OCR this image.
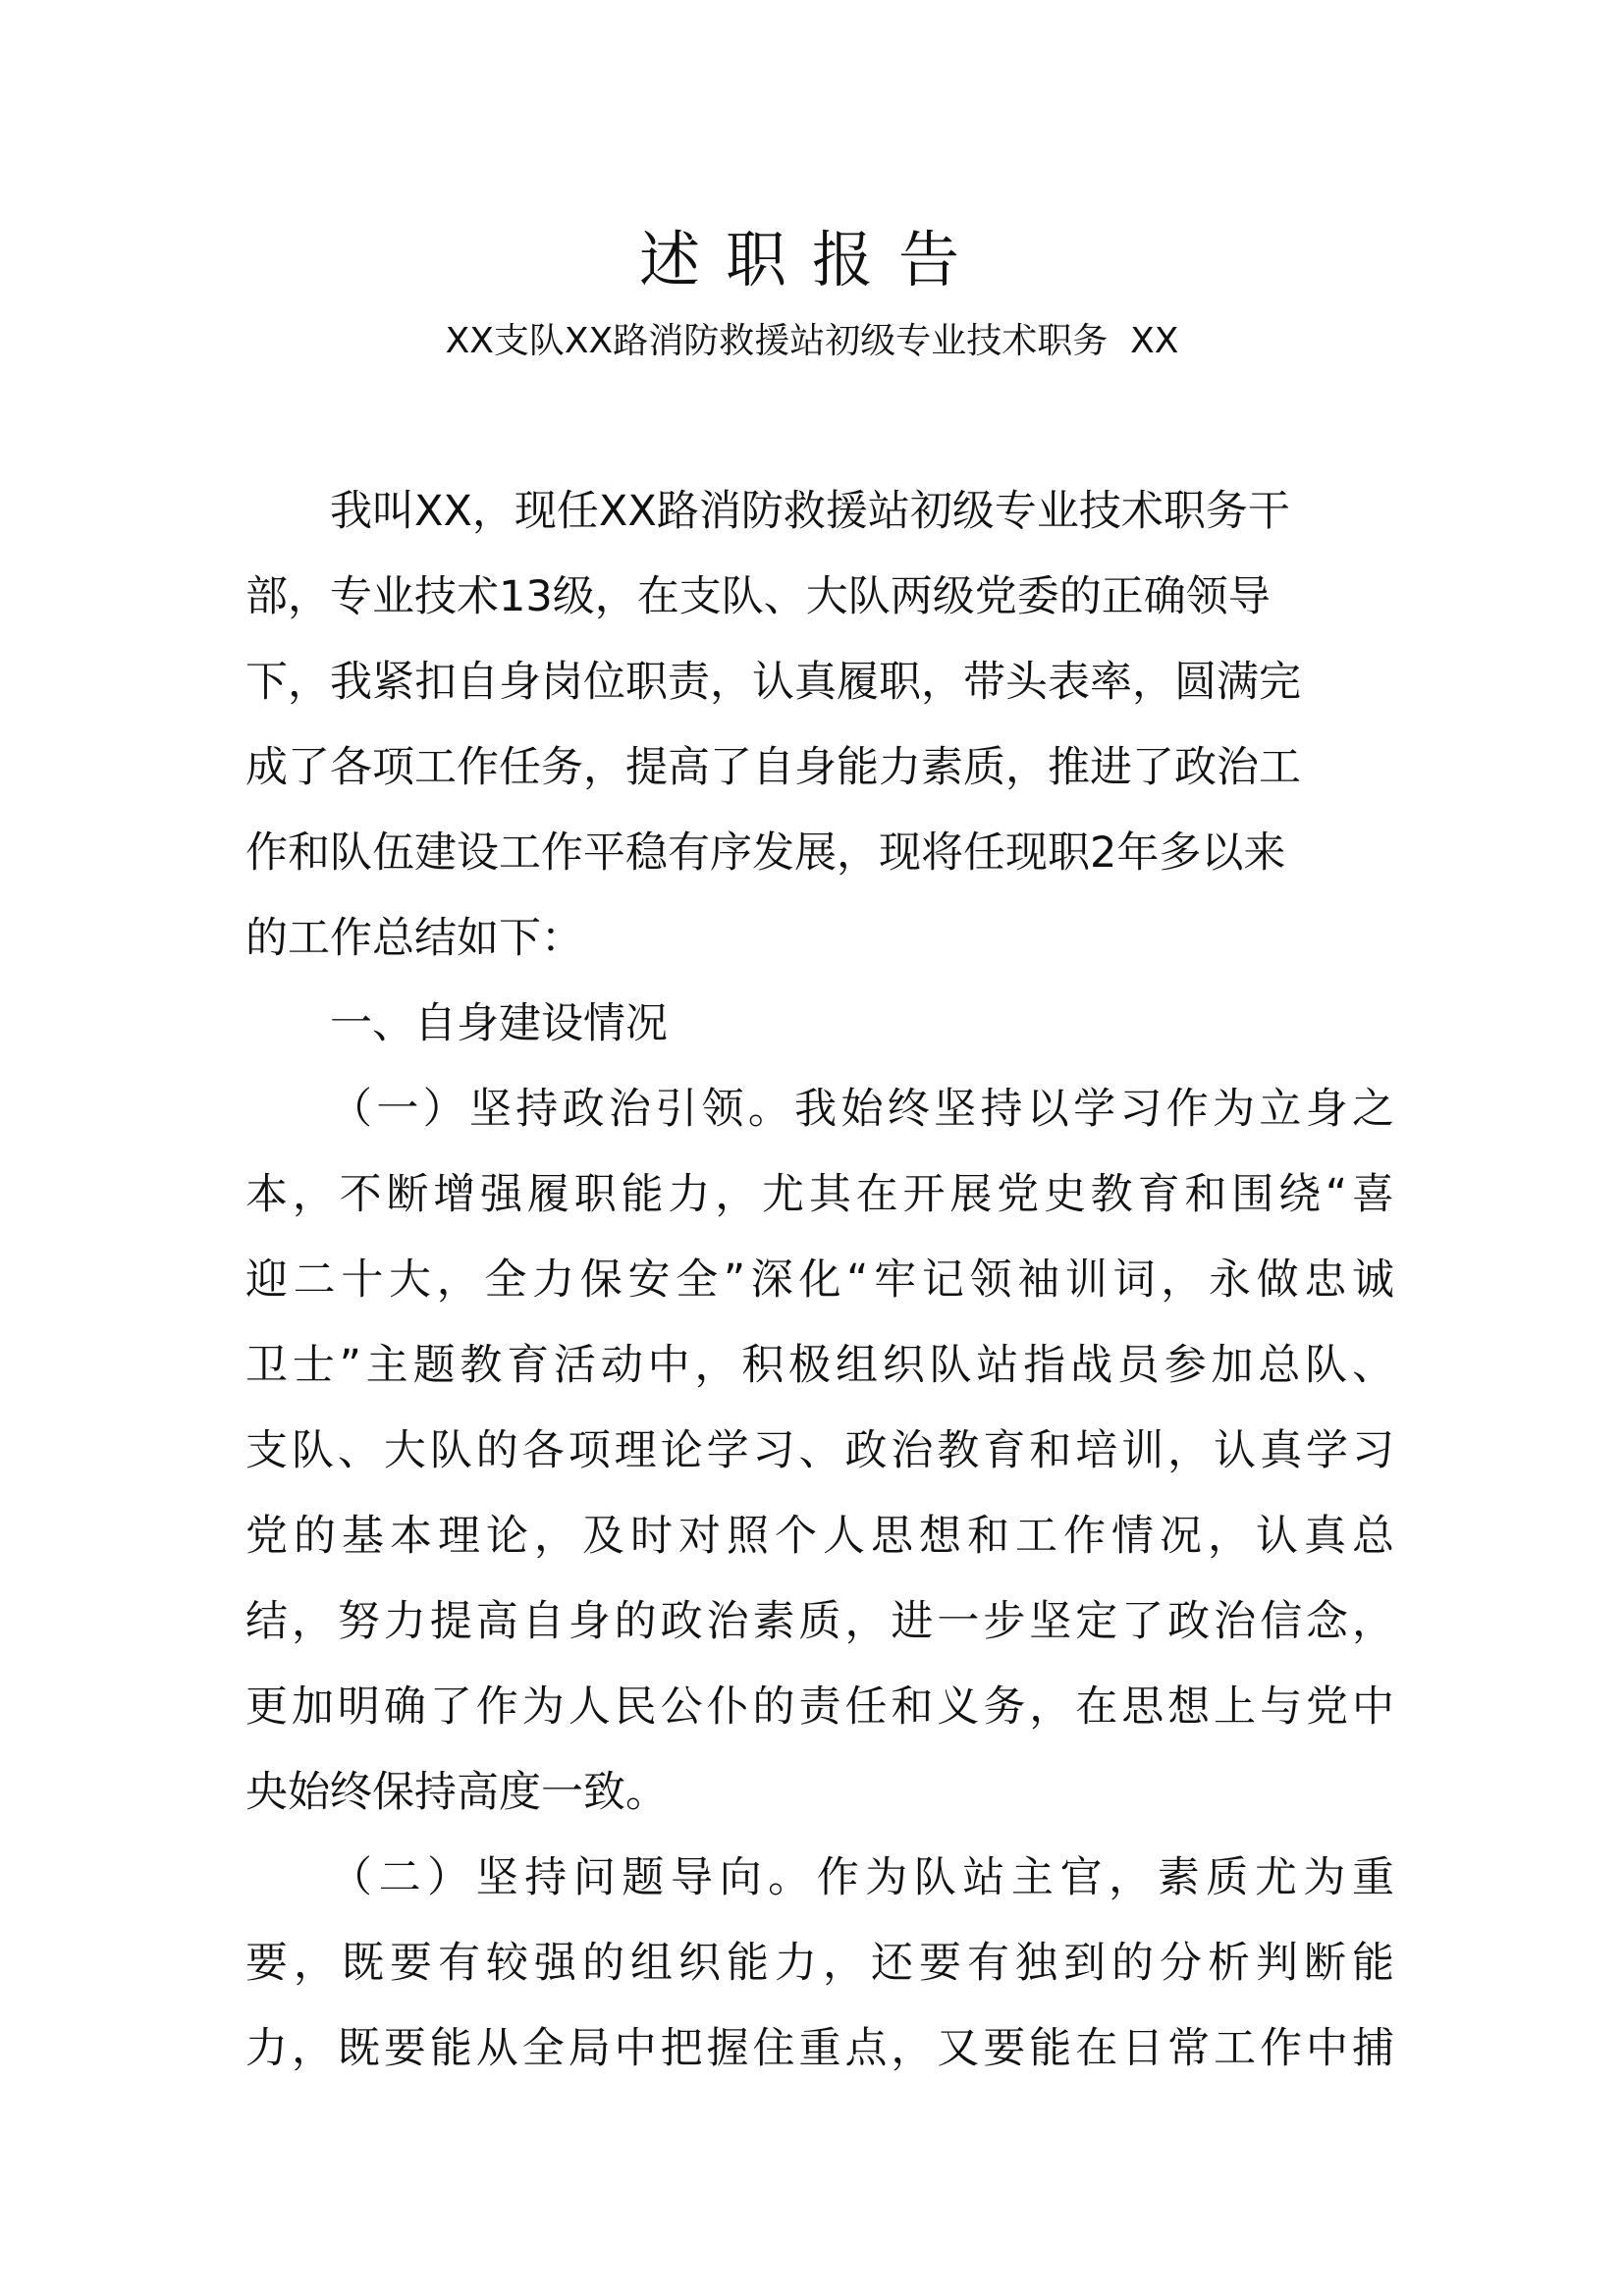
述职报告
XX支队XX路消防救援站初级专业技术职务  XX
我叫XX，现任XX路消防救援站初级专业技术职务干
部，专业技术13级，在支队、大队两级党委的正确领导
下，我紧扣自身岗位职责，认真履职，带头表率，圆满完
成了各项工作任务，提高了自身能力素质，推进了政治工
作和队伍建设工作平稳有序发展，现将任现职2年多以来
的工作总结如下：
一、自身建设情况
（一）坚持政治引领。我始终坚持以学习作为立身之
本，不断增强履职能力，尤其在开展党史教育和围绕“喜
迎二十大，全力保安全”深化“牢记领袖训词，永做忠诚
卫士”主题教育活动中，积极组织队站指战员参加总队、
支队、大队的各项理论学习、政治教育和培训，认真学习
党的基本理论，及时对照个人思想和工作情况，认真总
结，努力提高自身的政治素质，进一步坚定了政治信念，
更加明确了作为人民公仆的责任和义务，在思想上与党中
央始终保持高度一致。
（二）坚持问题导向。作为队站主官，素质尤为重
要，既要有较强的组织能力，还要有独到的分析判断能
力，既要能从全局中把握住重点，又要能在日常工作中捕
